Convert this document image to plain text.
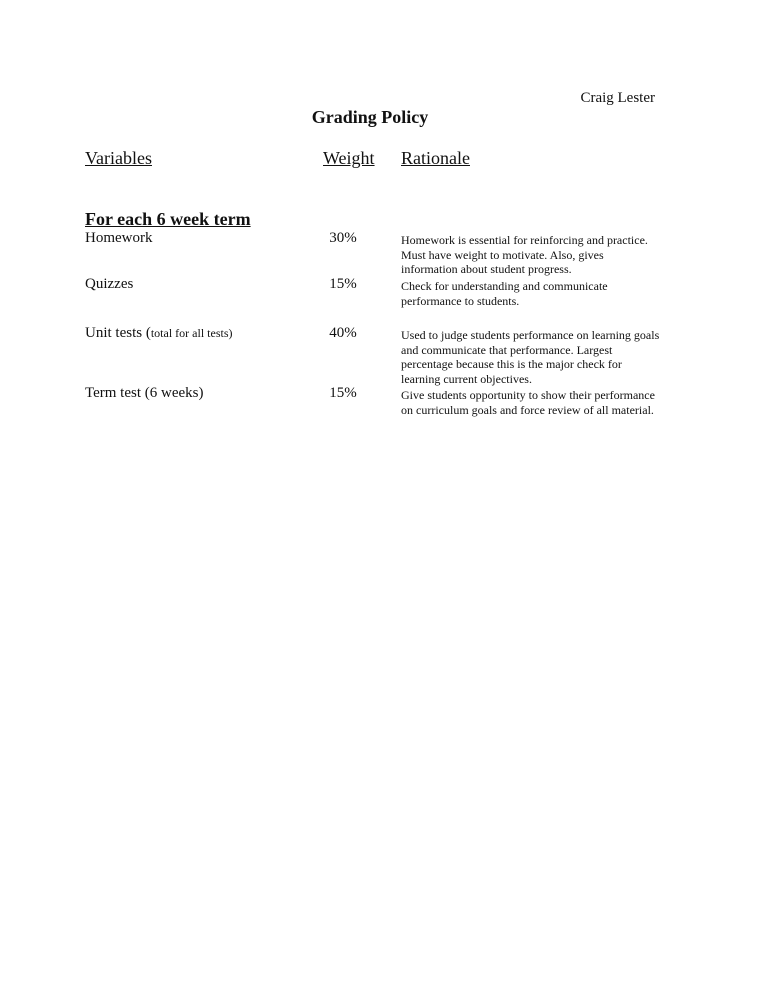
Craig Lester

Grading Policy
Variables	Weight Rationale
For each 6 week term
Homework	30%	Homework is essential for reinforcing and practice. Must have weight to motivate. Also, gives information about student progress.
Quizzes	15%	Check for understanding and communicate performance to students.
Unit tests (total for all tests)	40%	Used to judge students performance on learning goals and communicate that performance. Largest percentage because this is the major check for learning current objectives.
Term test (6 weeks)	15%	Give students opportunity to show their performance on curriculum goals and force review of all material.
